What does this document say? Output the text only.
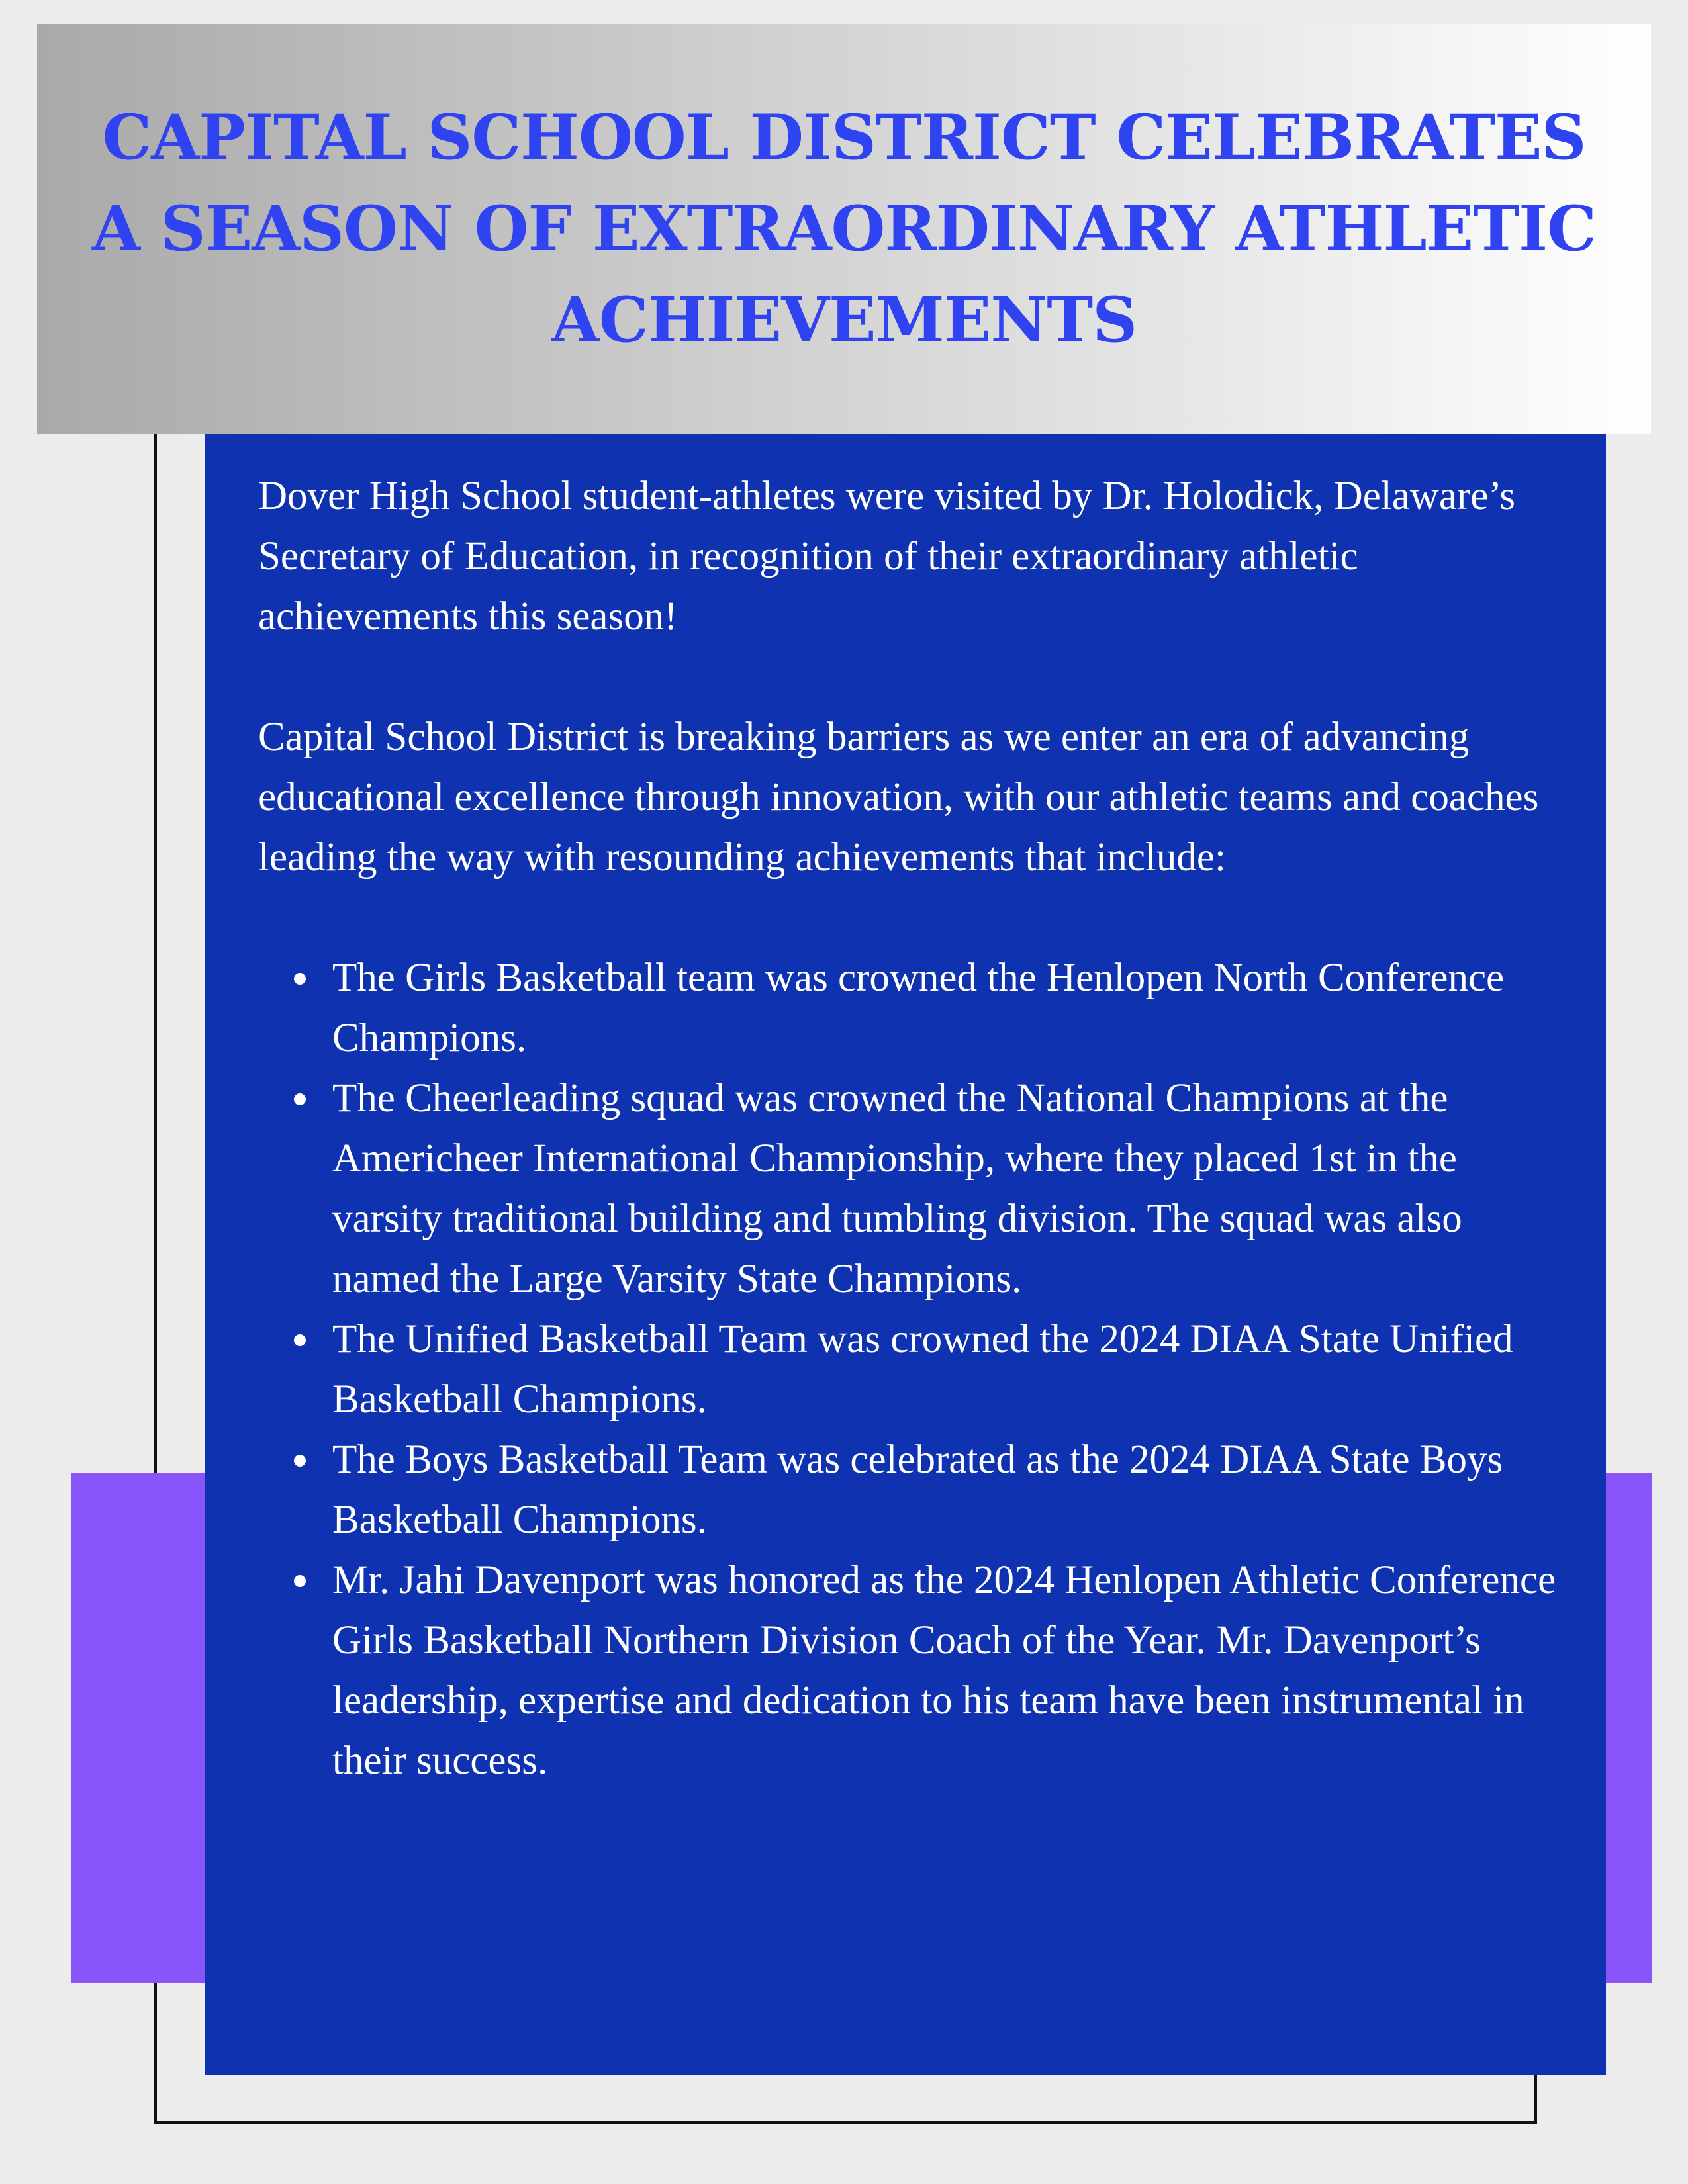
CAPITAL SCHOOL DISTRICT CELEBRATES A SEASON OF EXTRAORDINARY ATHLETIC ACHIEVEMENTS

Dover High School student-athletes were visited by Dr. Holodick, Delaware’s Secretary of Education, in recognition of their extraordinary athletic achievements this season!

Capital School District is breaking barriers as we enter an era of advancing educational excellence through innovation, with our athletic teams and coaches leading the way with resounding achievements that include:

The Girls Basketball team was crowned the Henlopen North Conference Champions.
The Cheerleading squad was crowned the National Champions at the Americheer International Championship, where they placed 1st in the varsity traditional building and tumbling division. The squad was also named the Large Varsity State Champions.
The Unified Basketball Team was crowned the 2024 DIAA State Unified Basketball Champions.
The Boys Basketball Team was celebrated as the 2024 DIAA State Boys Basketball Champions.
Mr. Jahi Davenport was honored as the 2024 Henlopen Athletic Conference Girls Basketball Northern Division Coach of the Year. Mr. Davenport’s leadership, expertise and dedication to his team have been instrumental in their success.
